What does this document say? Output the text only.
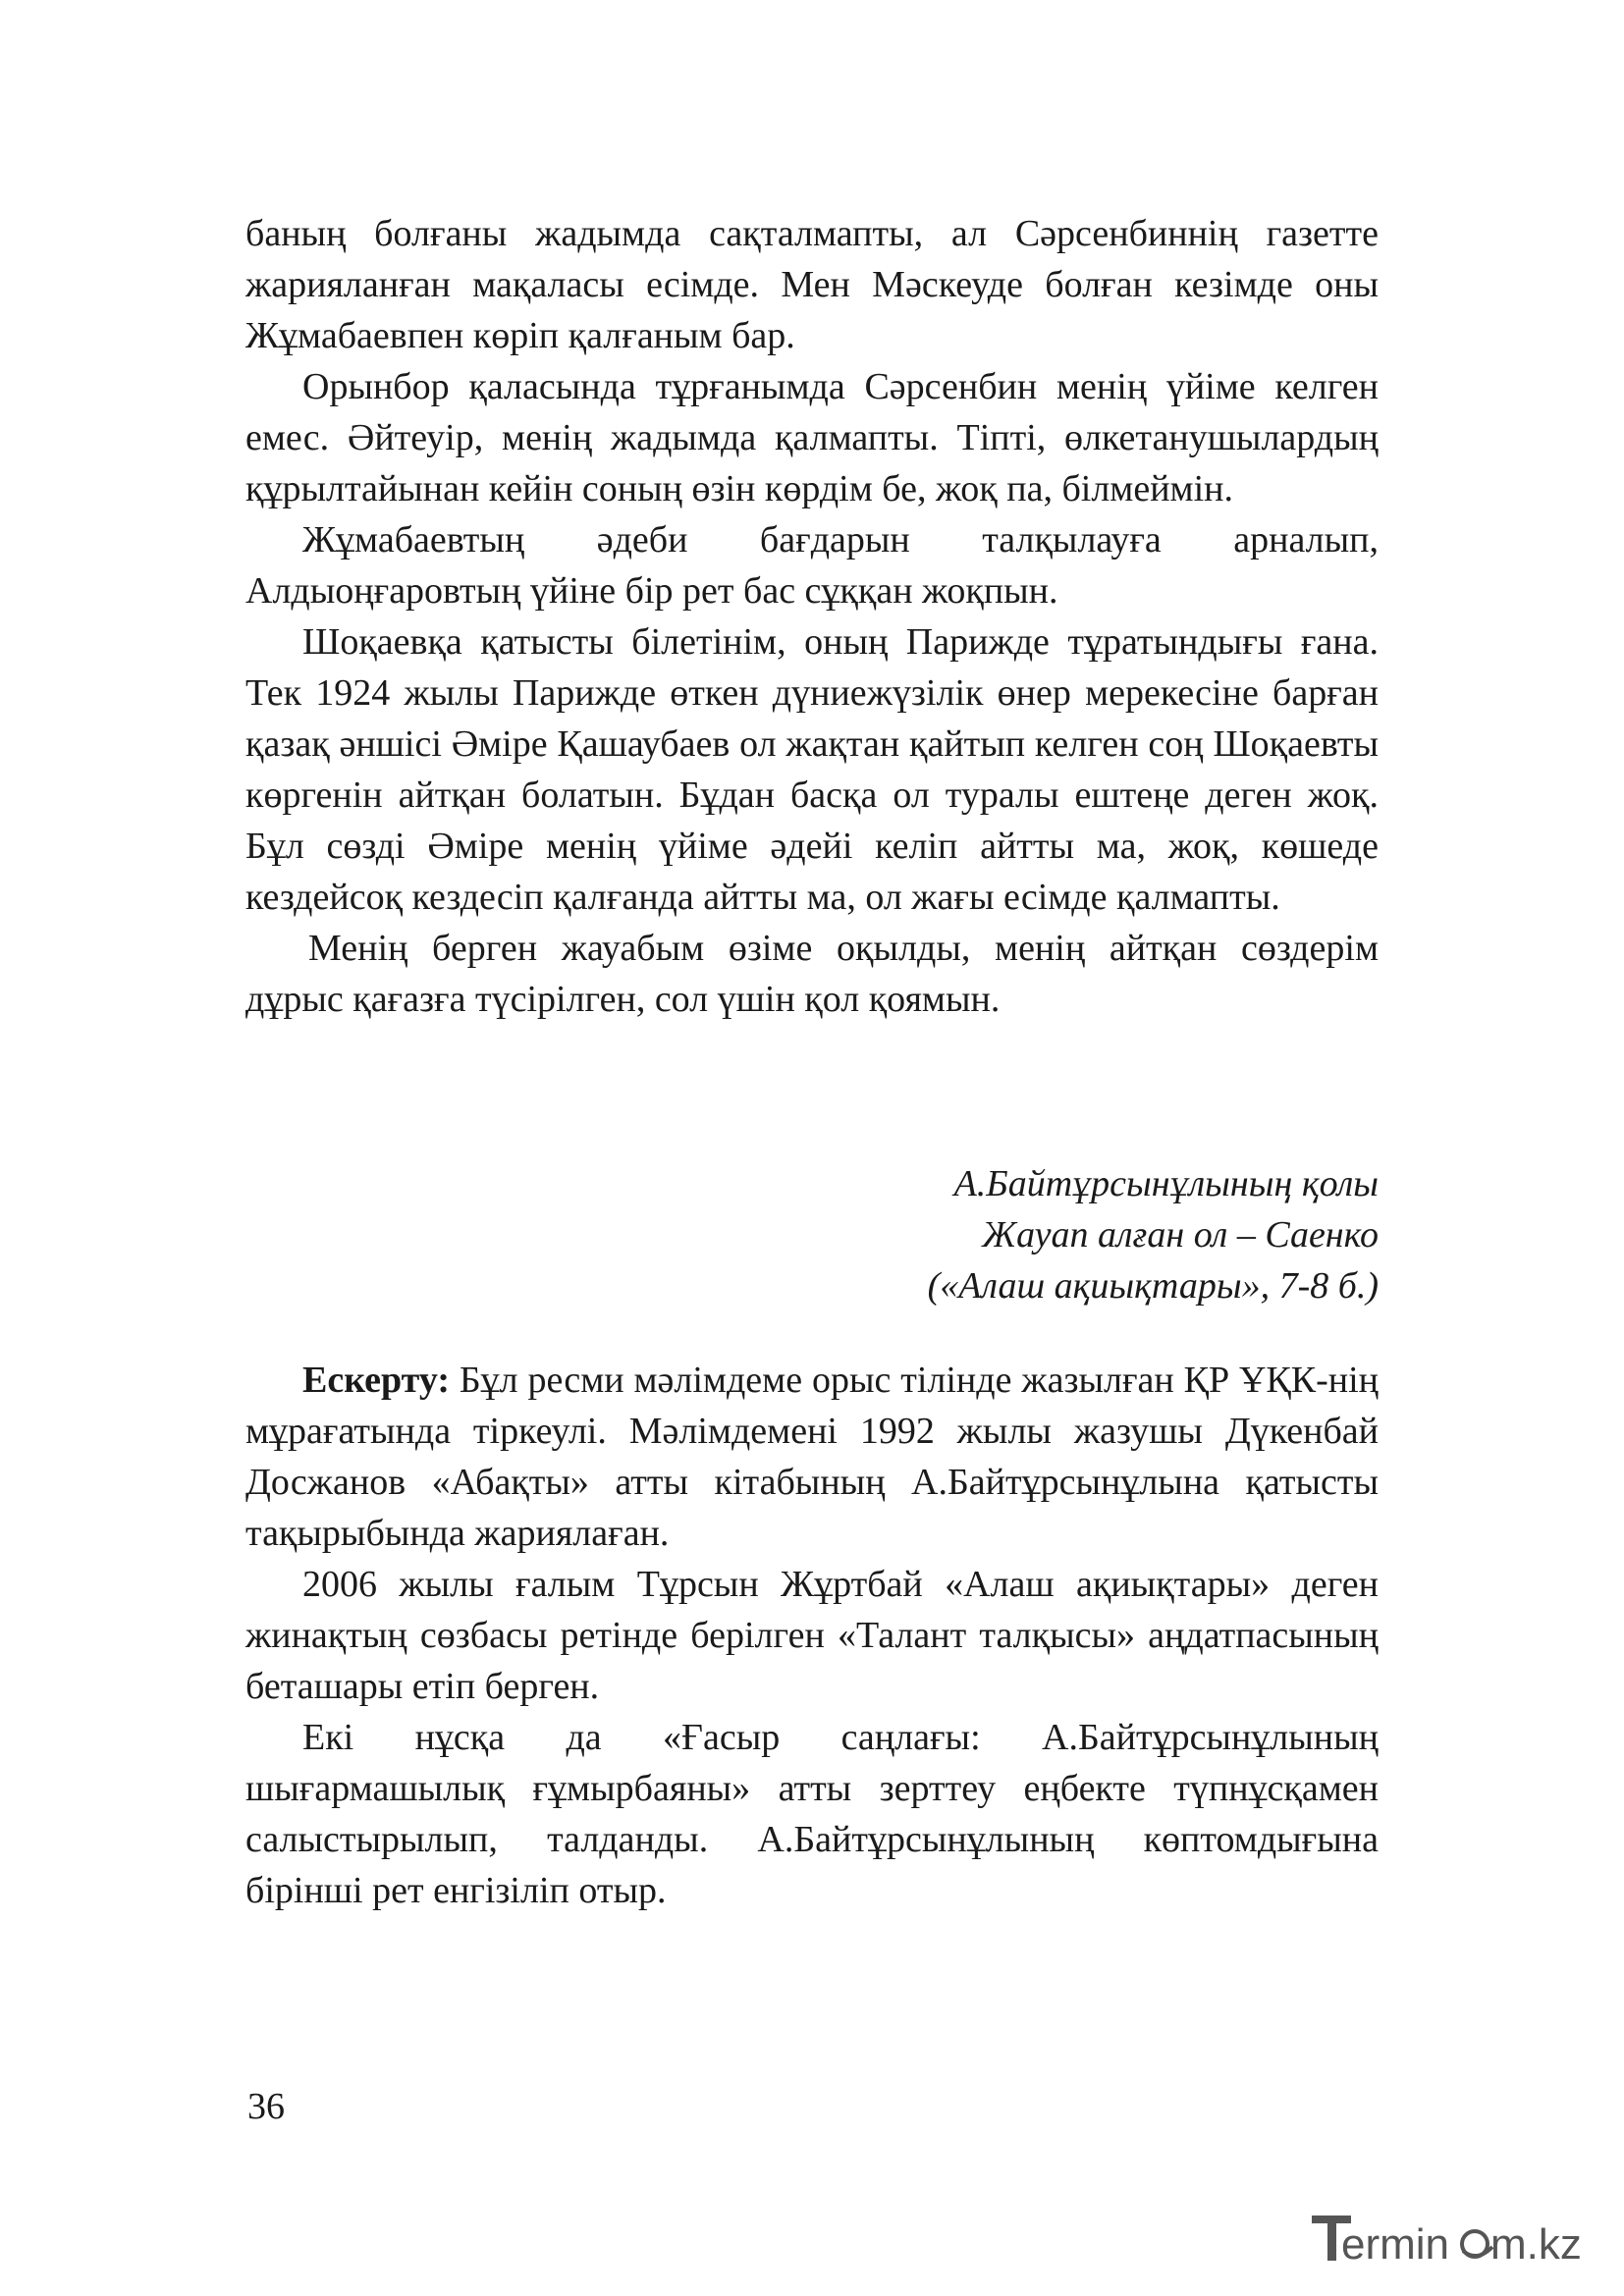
баның болғаны жадымда сақталмапты, ал Сәрсенбиннің газетте жарияланған мақаласы есімде. Мен Мәскеуде болған кезімде оны Жұмабаевпен көріп қалғаным бар.

Орынбор қаласында тұрғанымда Сәрсенбин менің үйіме келген емес. Әйтеуір, менің жадымда қалмапты. Тіпті, өлкетанушылардың құрылтайынан кейін соның өзін көрдім бе, жоқ па, білмеймін.

Жұмабаевтың әдеби бағдарын талқылауға арналып, Алдыоңғаровтың үйіне бір рет бас сұққан жоқпын.

Шоқаевқа қатысты білетінім, оның Парижде тұратындығы ғана. Тек 1924 жылы Парижде өткен дүниежүзілік өнер мерекесіне барған қазақ әншісі Әміре Қашаубаев ол жақтан қайтып келген соң Шоқаевты көргенін айтқан болатын. Бұдан басқа ол туралы ештеңе деген жоқ. Бұл сөзді Әміре менің үйіме әдейі келіп айтты ма, жоқ, көшеде кездейсоқ кездесіп қалғанда айтты ма, ол жағы есімде қалмапты.

Менің берген жауабым өзіме оқылды, менің айтқан сөздерім дұрыс қағазға түсірілген, сол үшін қол қоямын.

А.Байтұрсынұлының қолы
Жауап алған ол – Саенко
(«Алаш ақиықтары», 7-8 б.)

Ескерту: Бұл ресми мәлімдеме орыс тілінде жазылған ҚР ҰҚК-нің мұрағатында тіркеулі. Мәлімдемені 1992 жылы жазушы Дүкенбай Досжанов «Абақты» атты кітабының А.Байтұрсынұлына қатысты тақырыбында жариялаған.

2006 жылы ғалым Тұрсын Жұртбай «Алаш ақиықтары» деген жинақтың сөзбасы ретінде берілген «Талант талқысы» аңдатпасының беташары етіп берген.

Екі нұсқа да «Ғасыр саңлағы: А.Байтұрсынұлының шығармашылық ғұмырбаяны» атты зерттеу еңбекте түпнұсқамен салыстырылып, талданды. А.Байтұрсынұлының көптомдығына бірінші рет енгізіліп отыр.

36
ermin m.kz
